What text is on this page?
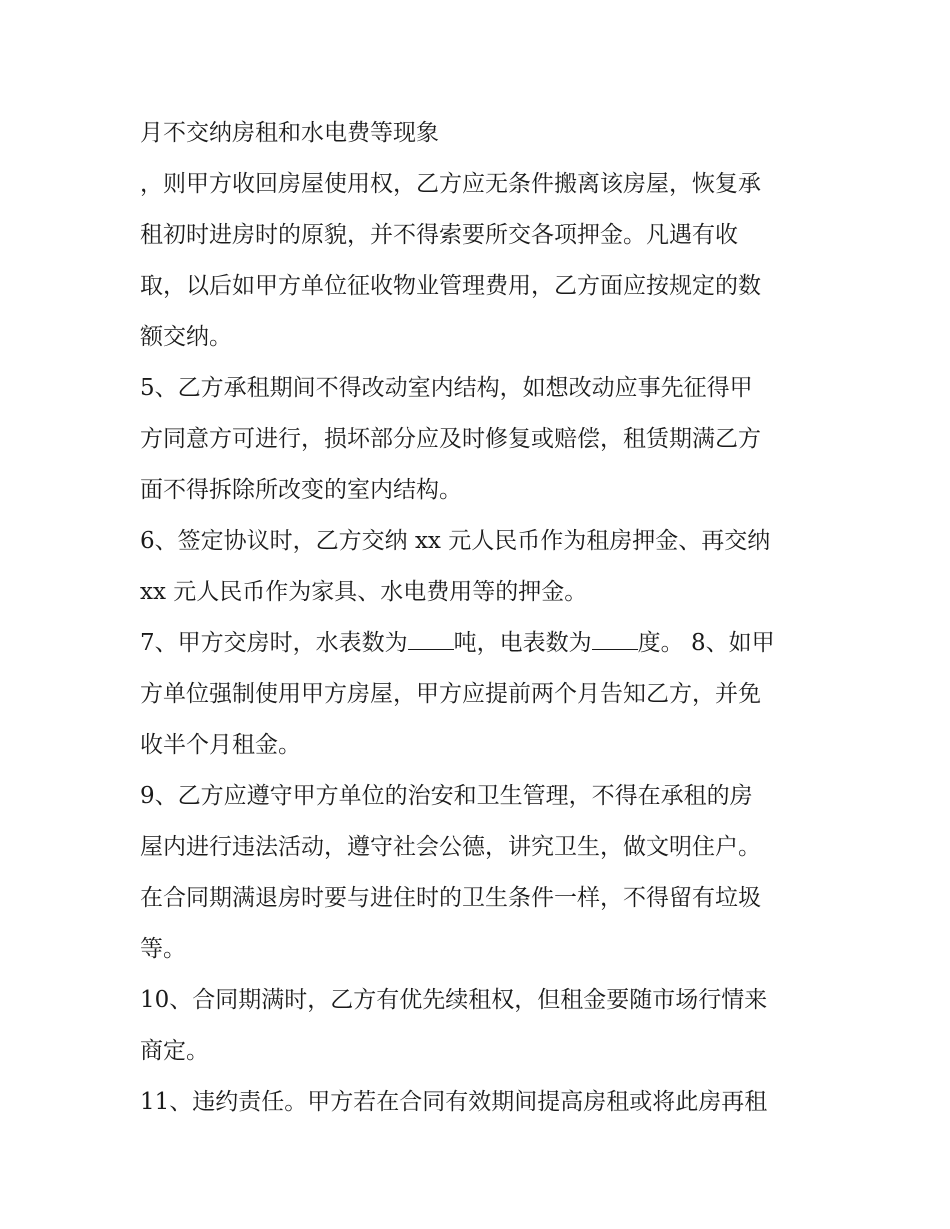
月不交纳房租和水电费等现象
，则甲方收回房屋使用权，乙方应无条件搬离该房屋，恢复承
租初时进房时的原貌，并不得索要所交各项押金。凡遇有收
取，以后如甲方单位征收物业管理费用，乙方面应按规定的数
额交纳。
5、乙方承租期间不得改动室内结构，如想改动应事先征得甲
方同意方可进行，损坏部分应及时修复或赔偿，租赁期满乙方
面不得拆除所改变的室内结构。
6、签定协议时，乙方交纳 xx 元人民币作为租房押金、再交纳
xx 元人民币作为家具、水电费用等的押金。
7、甲方交房时，水表数为 吨，电表数为 度。 8、如甲
方单位强制使用甲方房屋，甲方应提前两个月告知乙方，并免
收半个月租金。
9、乙方应遵守甲方单位的治安和卫生管理，不得在承租的房
屋内进行违法活动，遵守社会公德，讲究卫生，做文明住户。
在合同期满退房时要与进住时的卫生条件一样，不得留有垃圾
等。
10、合同期满时，乙方有优先续租权，但租金要随市场行情来
商定。
11、违约责任。甲方若在合同有效期间提高房租或将此房再租
